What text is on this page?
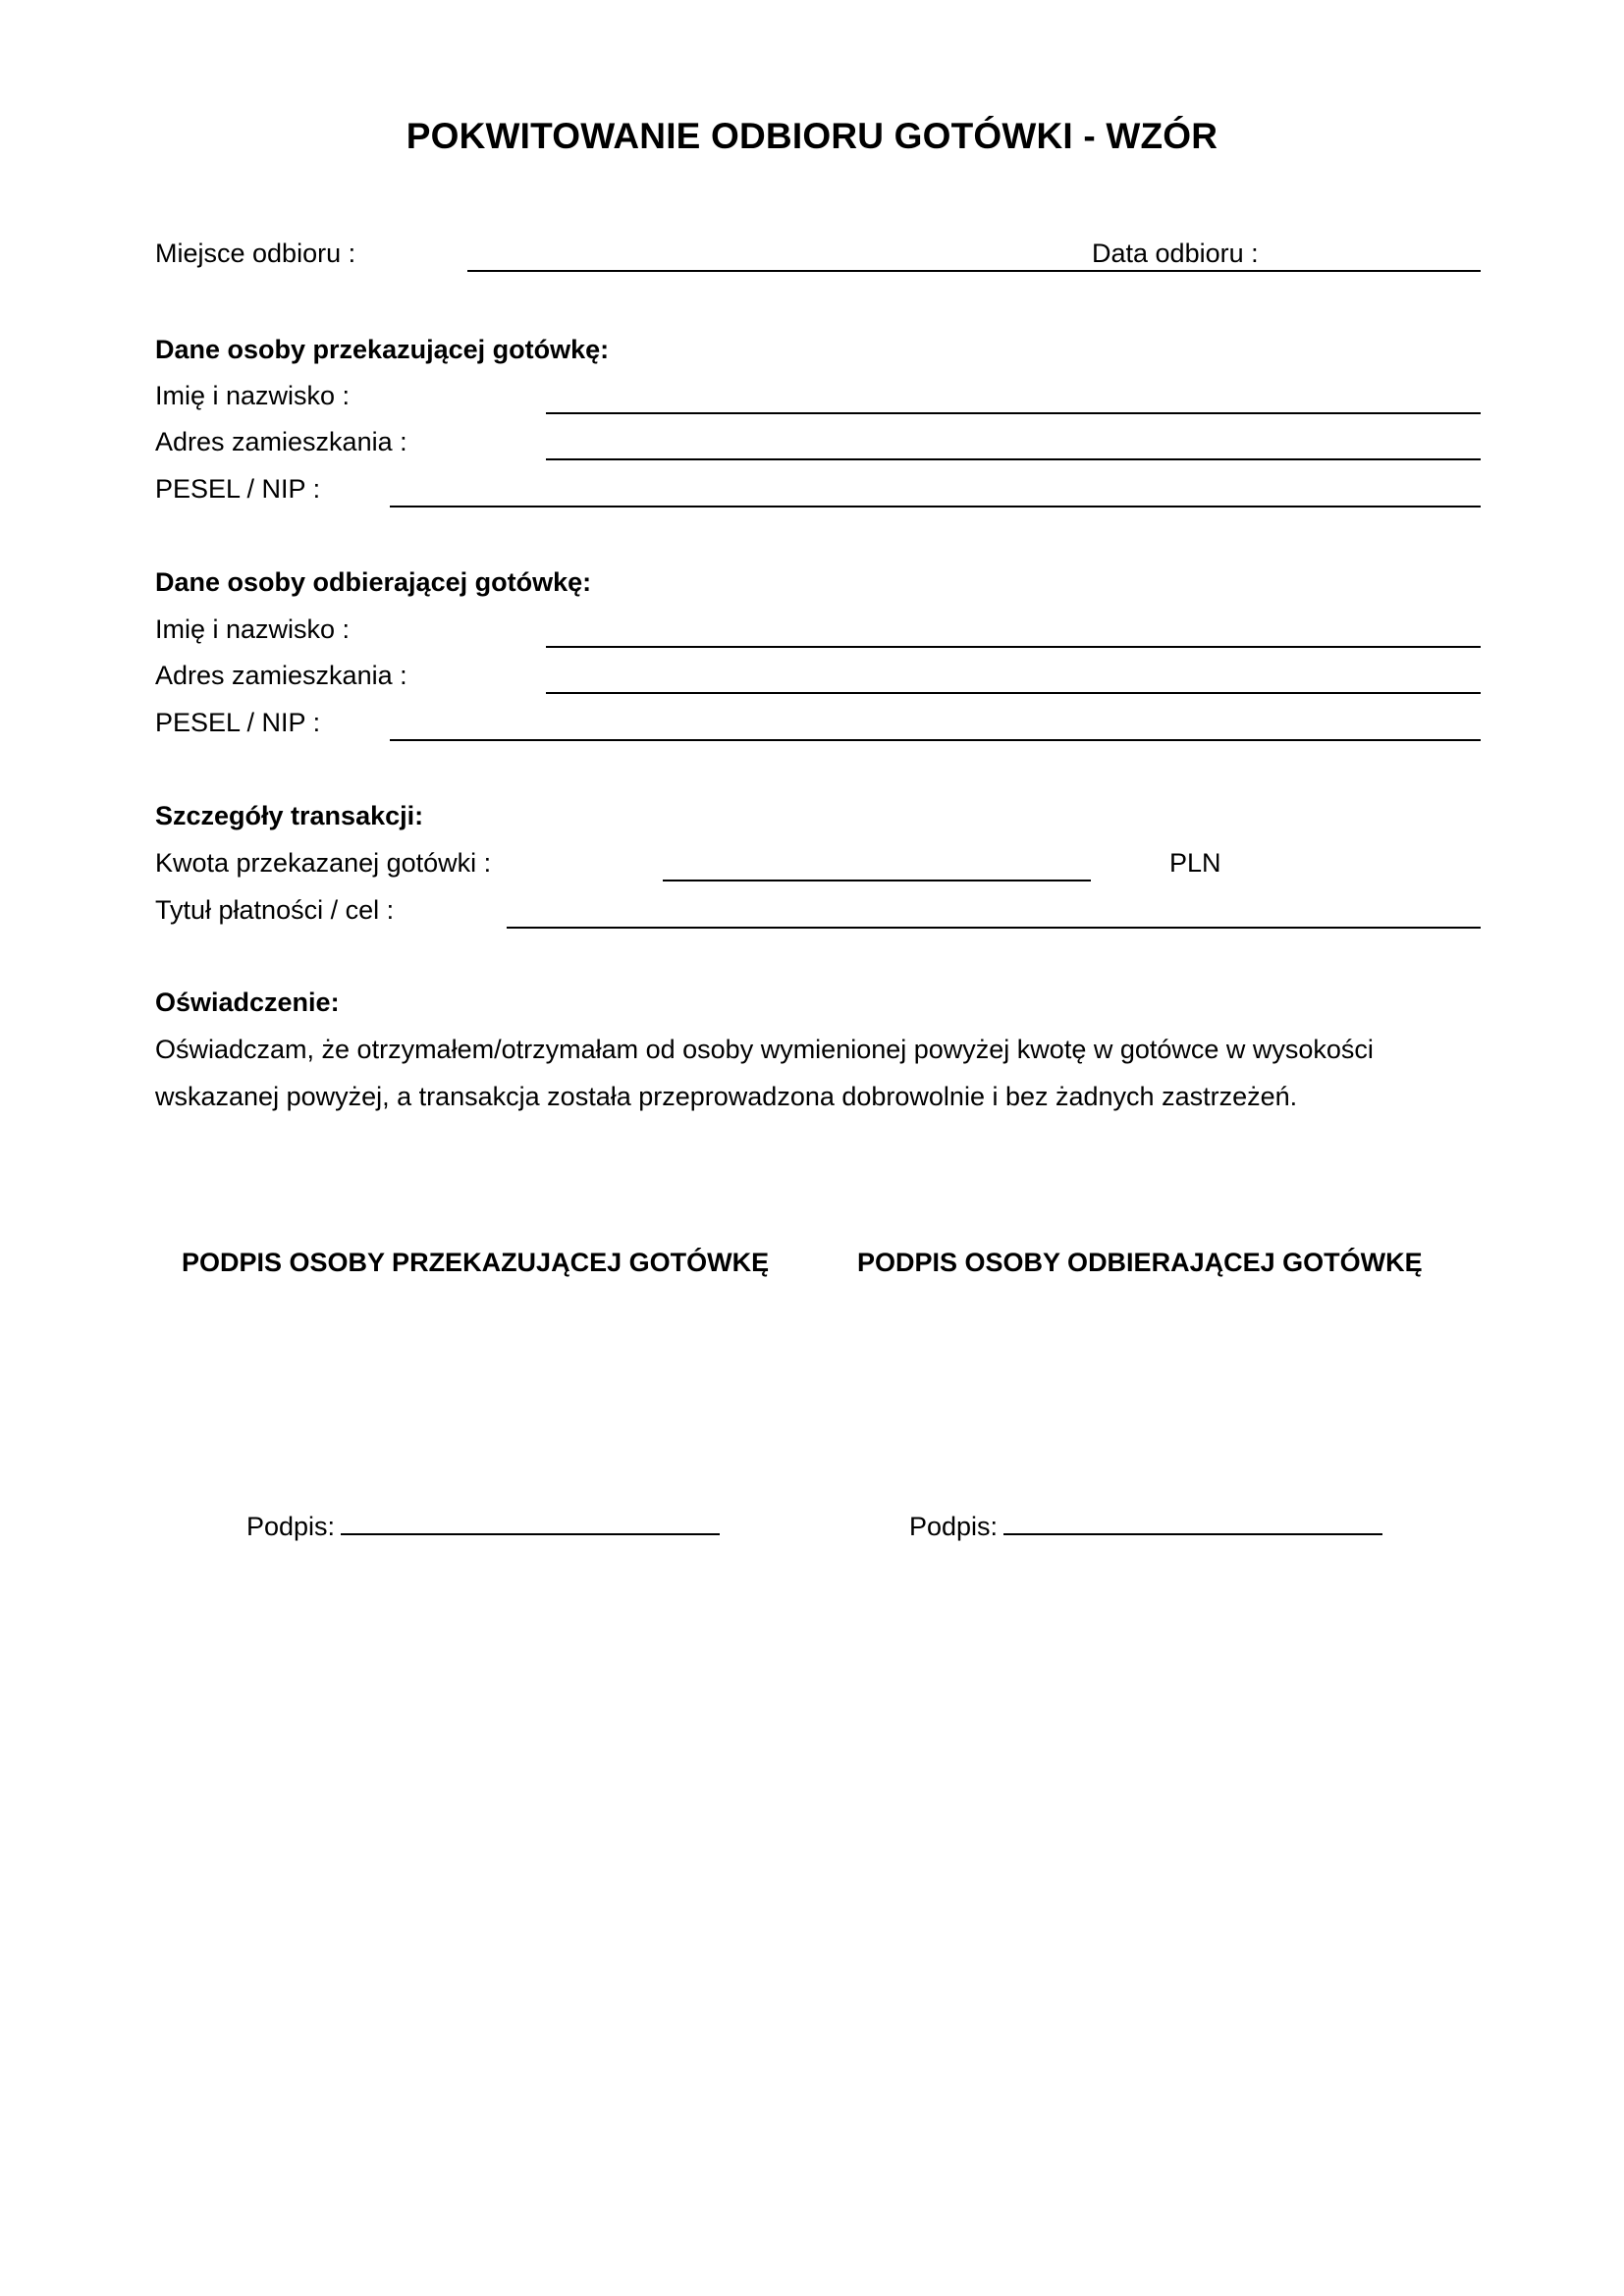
POKWITOWANIE ODBIORU GOTÓWKI - WZÓR
Miejsce odbioru :	Data odbioru :
Dane osoby przekazującej gotówkę:
Imię i nazwisko :
Adres zamieszkania :
PESEL / NIP :
Dane osoby odbierającej gotówkę:
Imię i nazwisko :
Adres zamieszkania :
PESEL / NIP :
Szczegóły transakcji:
Kwota przekazanej gotówki :	PLN
Tytuł płatności / cel :
Oświadczenie:
Oświadczam, że otrzymałem/otrzymałam od osoby wymienionej powyżej kwotę w gotówce w wysokości
wskazanej powyżej, a transakcja została przeprowadzona dobrowolnie i bez żadnych zastrzeżeń.
PODPIS OSOBY PRZEKAZUJĄCEJ GOTÓWKĘ	PODPIS OSOBY ODBIERAJĄCEJ GOTÓWKĘ
Podpis:	Podpis:
